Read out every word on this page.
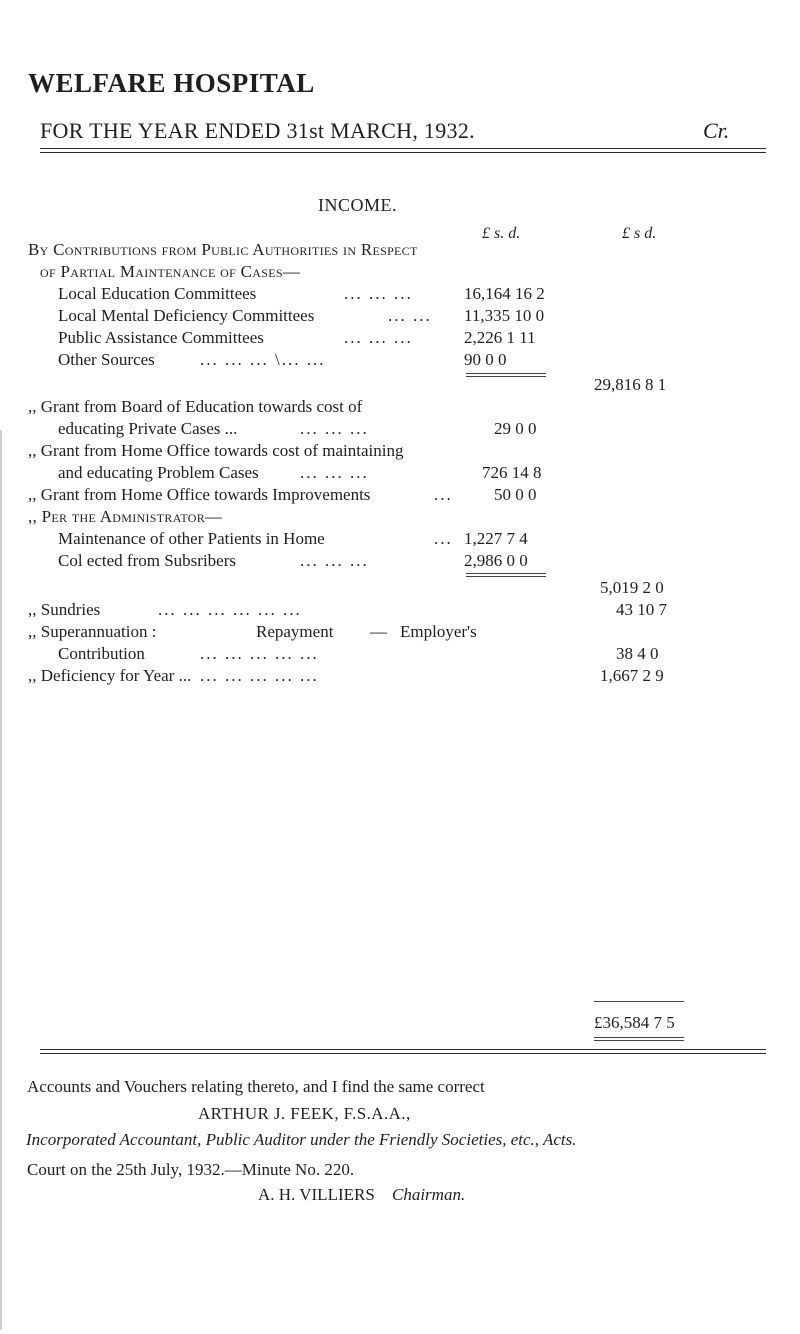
WELFARE HOSPITAL
FOR THE YEAR ENDED 31st MARCH, 1932.	Cr.
INCOME.
£ s. d.	£ s d.
By Contributions from Public Authorities in Respect
of Partial Maintenance of Cases—
Local Education Committees	... ... ...	16,164 16 2
Local Mental Deficiency Committees	... ... 11,335 10 0
Public Assistance Committees	... ... ...	2,226 1 11
Other Sources	... ... ... \... ...	90 0 0
29,816 8 1
,, Grant from Board of Education towards cost of
educating Private Cases ...	... ... ...	29 0 0
,, Grant from Home Office towards cost of maintaining
and educating Problem Cases ... ... ...	726 14 8
,, Grant from Home Office towards Improvements	...	50 0 0
,, Per the Administrator—
Maintenance of other Patients in Home	... 1,227 7 4
Col ected from Subsribers	... ... ...	2,986 0 0
5,019 2 0
,, Sundries	... ... ... ... ... ...	43 10 7
,, Superannuation :	Repayment — Employer's
Contribution	... ... ... ... ...	38 4 0
,, Deficiency for Year ... ... ... ... ... ...	1,667 2 9
£36,584 7 5
Accounts and Vouchers relating thereto, and I find the same correct
ARTHUR J. FEEK, F.S.A.A.,
Incorporated Accountant, Public Auditor under the Friendly Societies, etc., Acts.
Court on the 25th July, 1932.—Minute No. 220.
A. H. VILLIERS Chairman.
